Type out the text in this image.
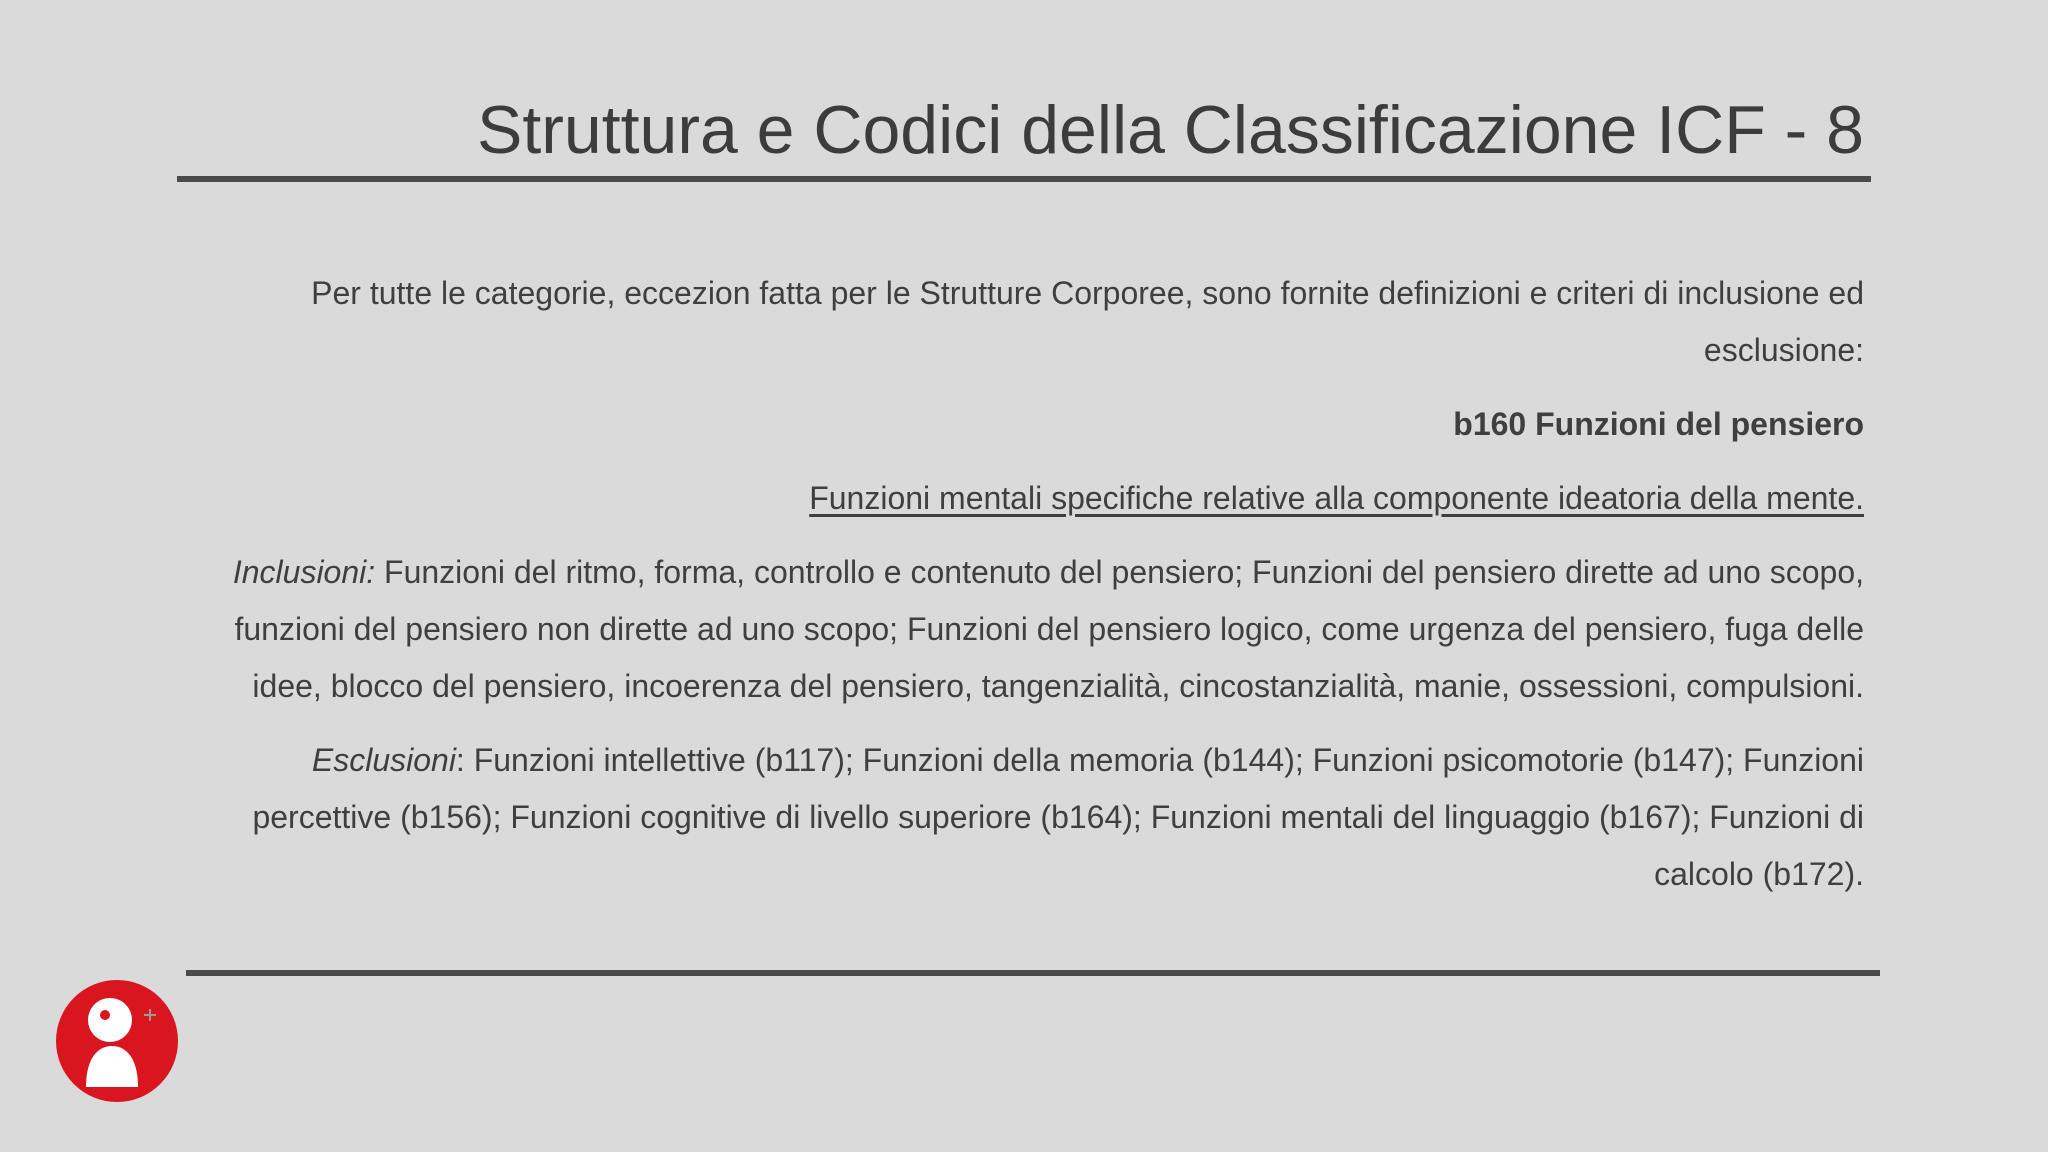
Struttura e Codici della Classificazione ICF - 8

Per tutte le categorie, eccezion fatta per le Strutture Corporee, sono fornite definizioni e criteri di inclusione ed esclusione:

b160 Funzioni del pensiero

Funzioni mentali specifiche relative alla componente ideatoria della mente.

Inclusioni: Funzioni del ritmo, forma, controllo e contenuto del pensiero; Funzioni del pensiero dirette ad uno scopo, funzioni del pensiero non dirette ad uno scopo; Funzioni del pensiero logico, come urgenza del pensiero, fuga delle idee, blocco del pensiero, incoerenza del pensiero, tangenzialità, cincostanzialità, manie, ossessioni, compulsioni.

Esclusioni: Funzioni intellettive (b117); Funzioni della memoria (b144); Funzioni psicomotorie (b147); Funzioni percettive (b156); Funzioni cognitive di livello superiore (b164); Funzioni mentali del linguaggio (b167); Funzioni di calcolo (b172).
